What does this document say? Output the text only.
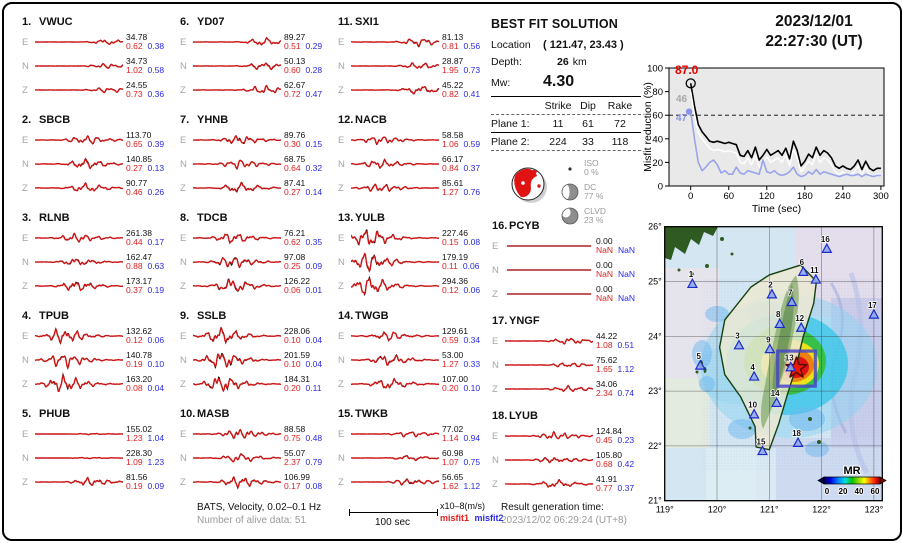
1. VWUC
E	34.78
0.62 0.38
N	34.73
1.02 0.58
Z	24.55
0.73 0.36
2. SBCB
E	113.70
0.65 0.39
N	140.85
0.27 0.13
Z	90.77
0.46 0.26
3. RLNB
E	261.38
0.44 0.17
N	162.47
0.88 0.63
Z	173.17
0.37 0.19
4. TPUB
E	132.62
0.12 0.06
N	140.78
0.19 0.10
Z	163.20
0.08 0.04
5. PHUB
E	155.02
1.23 1.04
N	228.30
1.09 1.23
Z	81.56
0.19 0.09
6. YD07
E	89.27
0.51 0.29
N	50.13
0.60 0.28
Z	62.67
0.72 0.47
7. YHNB
E	89.76
0.30 0.15
N	68.75
0.64 0.32
Z	87.41
0.27 0.14
8. TDCB
E	76.21
0.62 0.35
N	97.08
0.25 0.09
Z	126.22
0.06 0.01
9. SSLB
E	228.06
0.10 0.04
N	201.59
0.10 0.04
Z	184.31
0.20 0.11
10. MASB
E	88.58
0.75 0.48
N	55.07
2.37 0.79
Z	106.99
0.17 0.08
11. SXI1
E	81.13
0.81 0.56
N	28.87
1.95 0.73
Z	45.22
0.82 0.41
12. NACB
E	58.58
1.06 0.59
N	66.17
0.84 0.37
Z	85.61
1.27 0.76
13. YULB
E	227.46
0.15 0.08
N	179.19
0.11 0.06
Z	294.36
0.12 0.06
14. TWGB
E	129.61
0.59 0.34
N	53.00
1.27 0.33
Z	107.00
0.20 0.10
15. TWKB
E	77.02
1.14 0.94
N	60.98
1.07 0.75
Z	56.65
1.62 1.12
16. PCYB
E	0.00
NaN NaN
N	0.00
NaN NaN
Z	0.00
NaN NaN
17. YNGF
E	44.22
1.08 0.51
N	75.62
1.65 1.12
Z	34.06
2.34 0.74
18. LYUB
E	124.84
0.45 0.23
N	105.80
0.68 0.42
Z	41.91
0.77 0.37
BEST FIT SOLUTION
Location	( 121.47, 23.43 )
Depth:	26 km
Mw:	4.30
Strike Dip	Rake
Plane 1:	11	61	72
Plane 2:	224	33	118
ISO
0 %
DC
77 %
CLVD
23 %
2023/12/01
22:27:30 (UT)
0
20
40
60
80
100
0	60	120 180 240 300
87.0
46
47
Time (sec)
Misfit reduction (%)
1
2
3
4
5
6
7
8
9
10
11
12
13
14
15
16
17
18
26°
25°
24°
23°
22°
21°
119°	120°	121°	122°	123°
MR
0 20 40 60
BATS, Velocity, 0.02–0.1 Hz
Number of alive data: 51	100 sec
x10–8(m/s)
misfit1 misfit2
Result generation time:
2023/12/02 06:29:24 (UT+8)
